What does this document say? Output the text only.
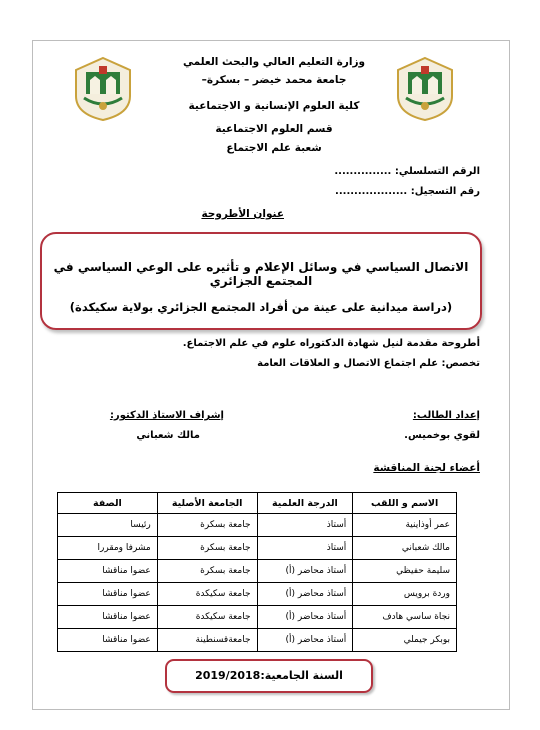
وزارة التعليم العالي والبحث العلمي
جامعة محمد خيضر – بسكرة–
كلية العلوم الإنسانية و الاجتماعية
قسم العلوم الاجتماعية
شعبة علم الاجتماع
الرقم التسلسلي: ...............
رقم التسجيل: ...................
عنوان الأطروحة
الاتصال السياسي في وسائل الإعلام و تأثيره على الوعي السياسي في المجتمع الجزائري
(دراسة ميدانية على عينة من أفراد المجتمع الجزائري بولاية سكيكدة)
أطروحة مقدمة لنيل شهادة الدكتوراه علوم في علم الاجتماع.
تخصص: علم اجتماع الاتصال و العلاقات العامة
إعداد الطالب:
لقوي بوخميس.
إشراف الاستاذ الدكتور:
مالك شعباني
أعضاء لجنة المناقشة
الاسم و اللقب	الدرجة العلمية	الجامعة الأصلية	الصفة
عمر أوذاينية	أستاذ	جامعة بسكرة	رئيسا
مالك شعباني	أستاذ	جامعة بسكرة	مشرفا ومقررا
سليمة حفيظي	أستاذ محاضر (أ)	جامعة بسكرة	عضوا مناقشا
وردة برويس	أستاذ محاضر (أ)	جامعة سكيكدة	عضوا مناقشا
نجاة ساسي هادف	أستاذ محاضر (أ)	جامعة سكيكدة	عضوا مناقشا
بوبكر جيملي	أستاذ محاضر (أ)	جامعةقسنطينة	عضوا مناقشا
السنة الجامعية:2019/2018
